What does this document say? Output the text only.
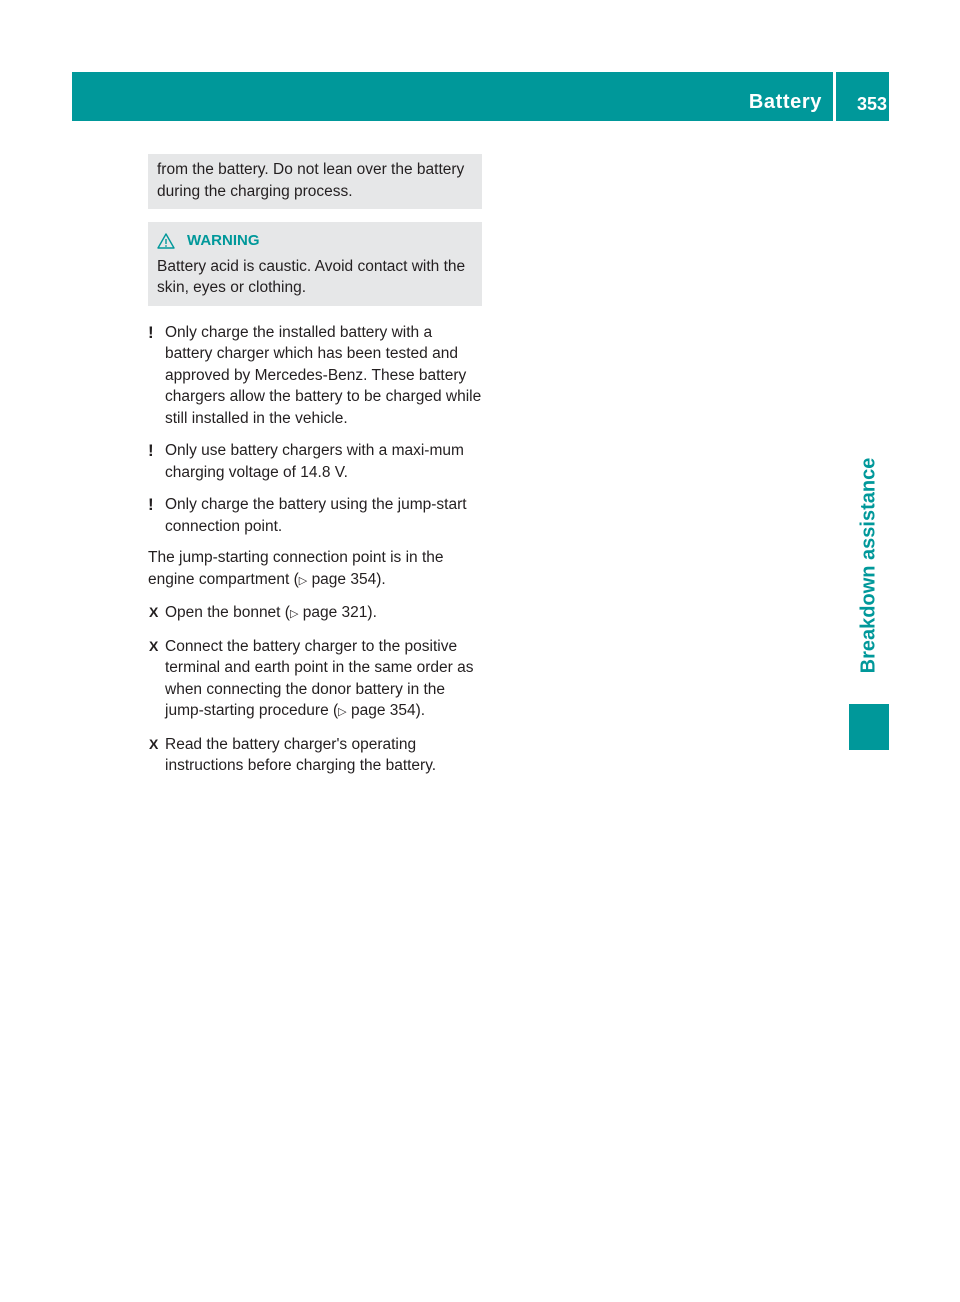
Battery 353
Breakdown assistance

from the battery. Do not lean over the battery during the charging process.

WARNING

Battery acid is caustic. Avoid contact with the skin, eyes or clothing.

! Only charge the installed battery with a battery charger which has been tested and approved by Mercedes-Benz. These battery chargers allow the battery to be charged while still installed in the vehicle.

! Only use battery chargers with a maxi-mum charging voltage of 14.8 V.

! Only charge the battery using the jump-start connection point.

The jump-starting connection point is in the engine compartment (▷ page 354).

X Open the bonnet (▷ page 321).

X Connect the battery charger to the positive terminal and earth point in the same order as when connecting the donor battery in the jump-starting procedure (▷ page 354).

X Read the battery charger's operating instructions before charging the battery.
